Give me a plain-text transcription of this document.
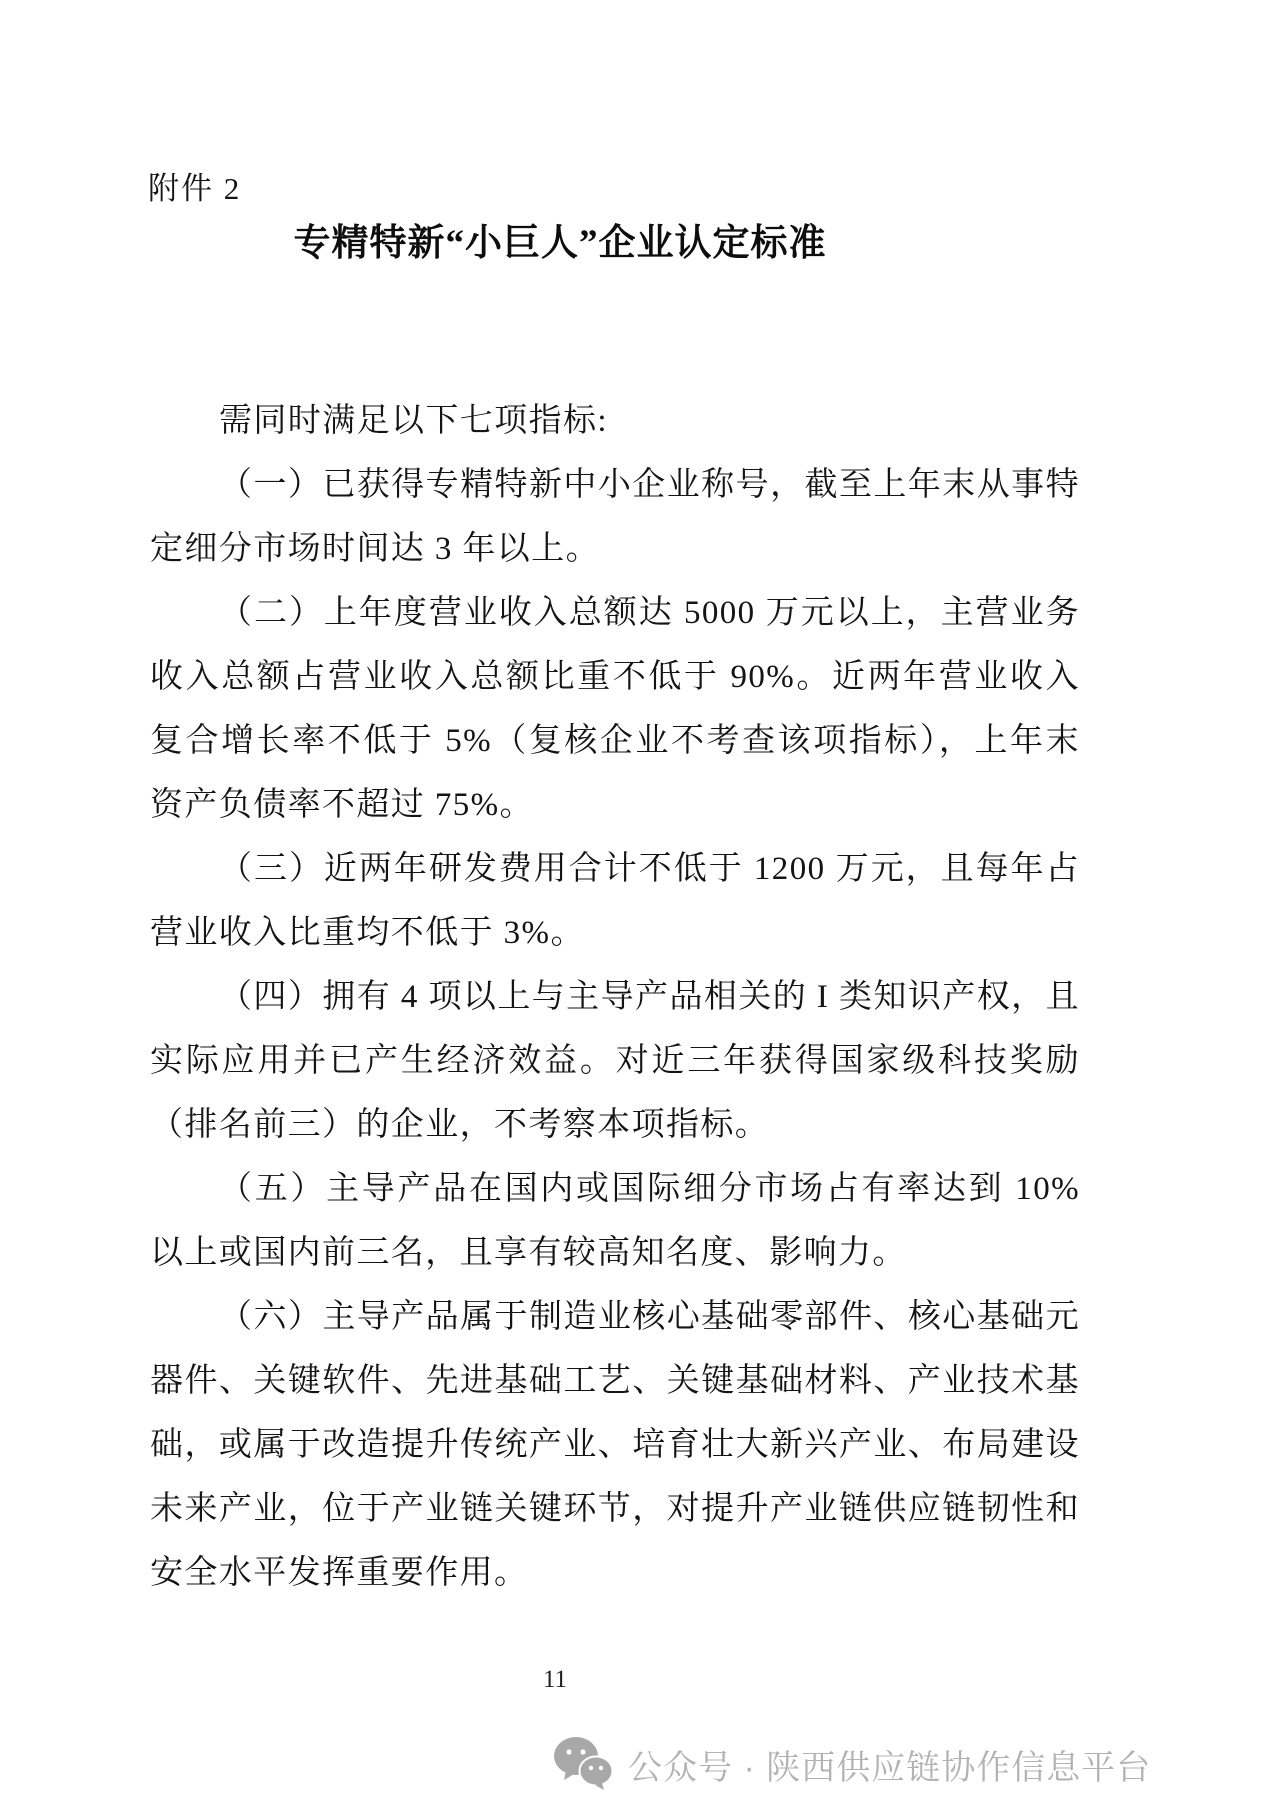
附件 2
专精特新“小巨人”企业认定标准

需同时满足以下七项指标:

（一）已获得专精特新中小企业称号，截至上年末从事特定细分市场时间达 3 年以上。

（二）上年度营业收入总额达 5000 万元以上，主营业务收入总额占营业收入总额比重不低于 90%。近两年营业收入复合增长率不低于 5%（复核企业不考查该项指标），上年末资产负债率不超过 75%。

（三）近两年研发费用合计不低于 1200 万元，且每年占营业收入比重均不低于 3%。

（四）拥有 4 项以上与主导产品相关的 I 类知识产权，且实际应用并已产生经济效益。对近三年获得国家级科技奖励（排名前三）的企业，不考察本项指标。

（五）主导产品在国内或国际细分市场占有率达到 10%以上或国内前三名，且享有较高知名度、影响力。

（六）主导产品属于制造业核心基础零部件、核心基础元器件、关键软件、先进基础工艺、关键基础材料、产业技术基础，或属于改造提升传统产业、培育壮大新兴产业、布局建设未来产业，位于产业链关键环节，对提升产业链供应链韧性和安全水平发挥重要作用。

11
公众号 · 陕西供应链协作信息平台
